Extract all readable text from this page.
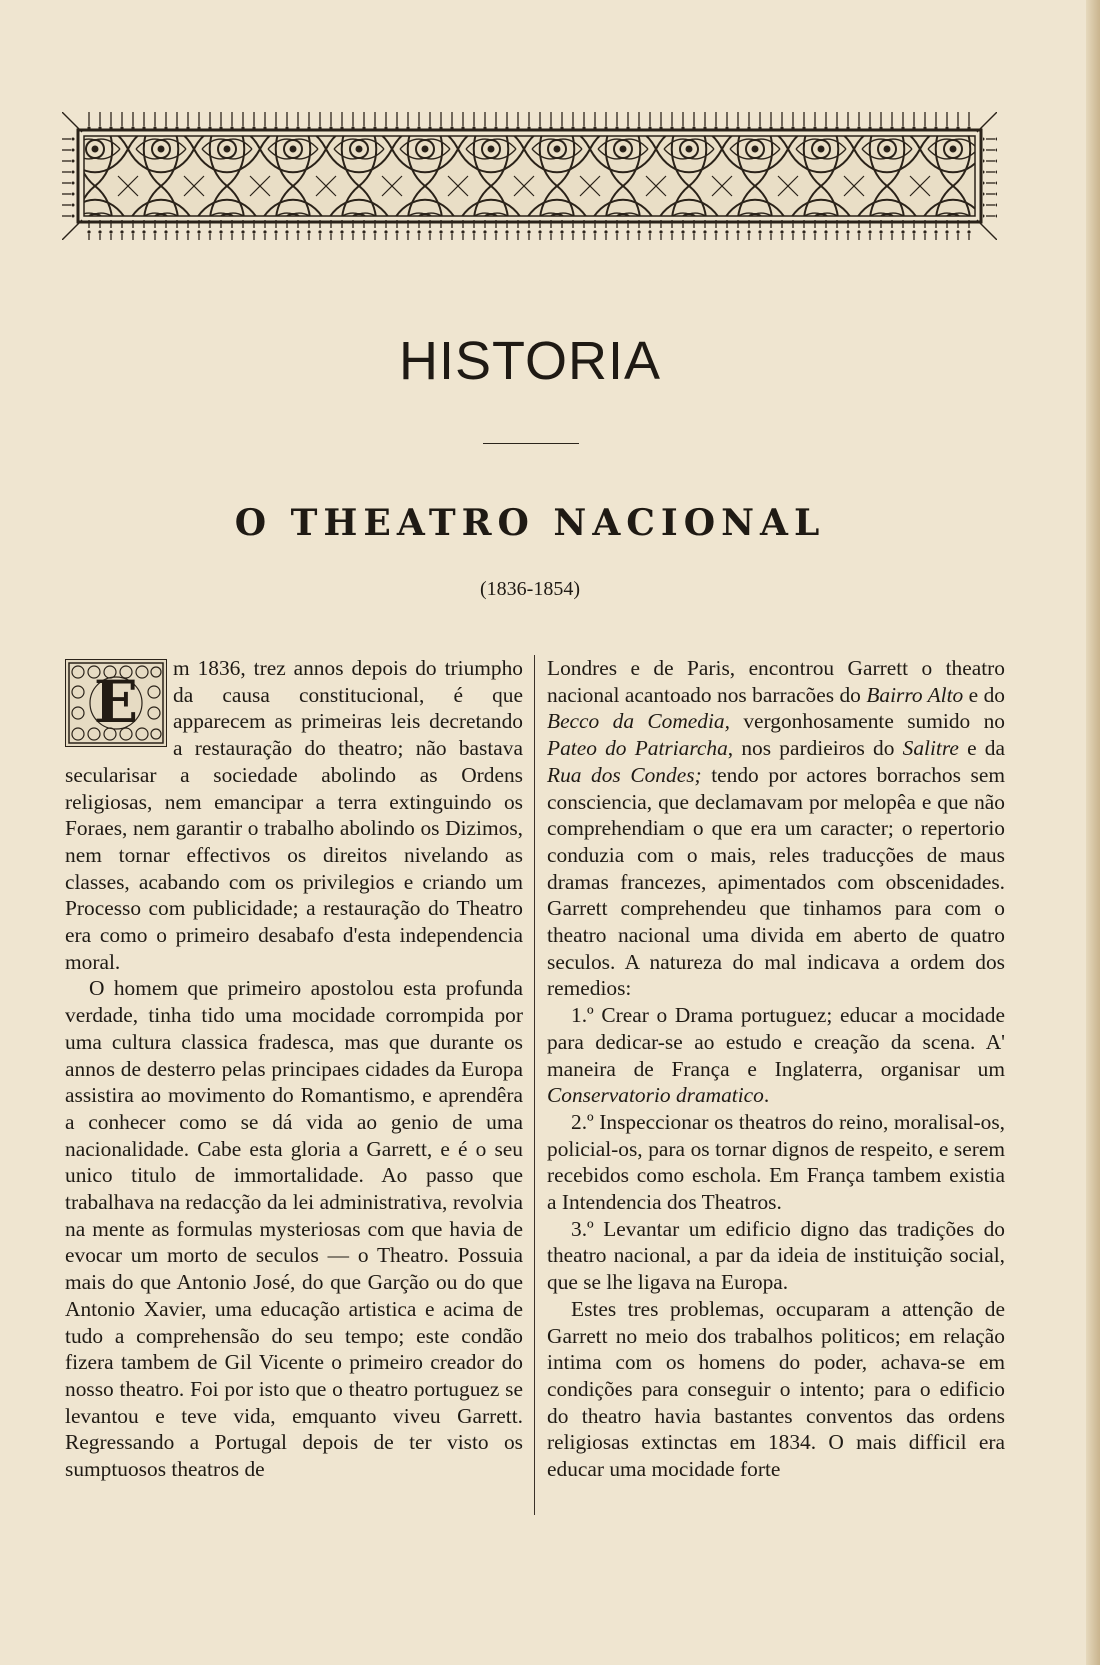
HISTORIA
O THEATRO NACIONAL
(1836-1854)
E	m 1836, trez annos depois do triumpho da causa constitucional, é que apparecem as primeiras leis decretando a restauração do theatro; não bastava secularisar a sociedade abolindo as Ordens religiosas, nem emancipar a terra extinguindo os Foraes, nem garantir o trabalho abolindo os Dizimos, nem tornar effectivos os direitos nivelando as classes, acabando com os privilegios e criando um Processo com publicidade; a restauração do Theatro era como o primeiro desabafo d'esta independencia moral.

O homem que primeiro apostolou esta profunda verdade, tinha tido uma mocidade corrompida por uma cultura classica fradesca, mas que durante os annos de desterro pelas principaes cidades da Europa assistira ao movimento do Romantismo, e aprendêra a conhecer como se dá vida ao genio de uma nacionalidade. Cabe esta gloria a Garrett, e é o seu unico titulo de immortalidade. Ao passo que trabalhava na redacção da lei administrativa, revolvia na mente as formulas mysteriosas com que havia de evocar um morto de seculos — o Theatro. Possuia mais do que Antonio José, do que Garção ou do que Antonio Xavier, uma educação artistica e acima de tudo a comprehensão do seu tempo; este condão fizera tambem de Gil Vicente o primeiro creador do nosso theatro. Foi por isto que o theatro portuguez se levantou e teve vida, emquanto viveu Garrett. Regressando a Portugal depois de ter visto os sumptuosos theatros de

Londres e de Paris, encontrou Garrett o theatro nacional acantoado nos barracões do Bairro Alto e do Becco da Comedia, vergonhosamente sumido no Pateo do Patriarcha, nos pardieiros do Salitre e da Rua dos Condes; tendo por actores borrachos sem consciencia, que declamavam por melopêa e que não comprehendiam o que era um caracter; o repertorio conduzia com o mais, reles traducções de maus dramas francezes, apimentados com obscenidades. Garrett comprehendeu que tinhamos para com o theatro nacional uma divida em aberto de quatro seculos. A natureza do mal indicava a ordem dos remedios:

1.º Crear o Drama portuguez; educar a mocidade para dedicar-se ao estudo e creação da scena. A' maneira de França e Inglaterra, organisar um Conservatorio dramatico.

2.º Inspeccionar os theatros do reino, moralisal-os, policial-os, para os tornar dignos de respeito, e serem recebidos como eschola. Em França tambem existia a Intendencia dos Theatros.

3.º Levantar um edificio digno das tradições do theatro nacional, a par da ideia de instituição social, que se lhe ligava na Europa.

Estes tres problemas, occuparam a attenção de Garrett no meio dos trabalhos politicos; em relação intima com os homens do poder, achava-se em condições para conseguir o intento; para o edificio do theatro havia bastantes conventos das ordens religiosas extinctas em 1834. O mais difficil era educar uma mocidade forte
